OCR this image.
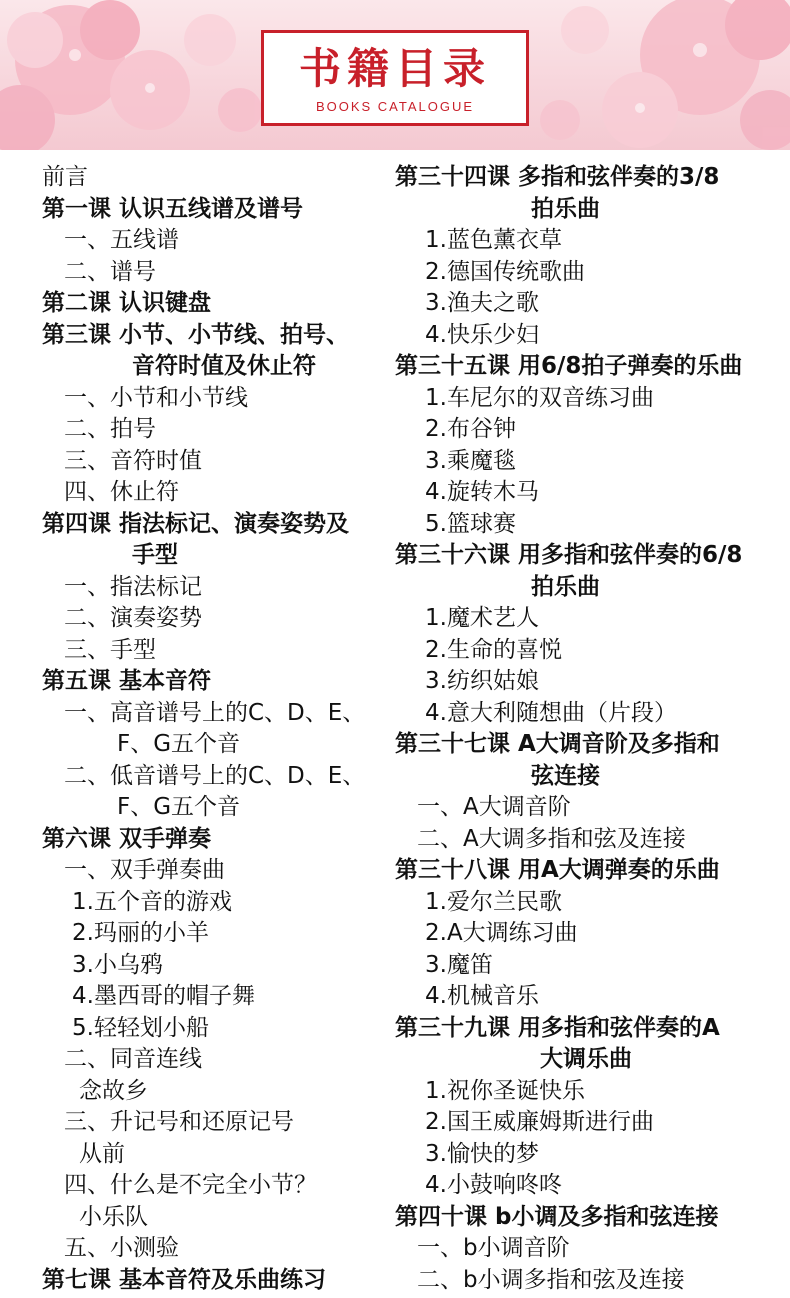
书籍目录
BOOKS CATALOGUE
前言
第一课 认识五线谱及谱号
一、五线谱
二、谱号
第二课 认识键盘
第三课 小节、小节线、拍号、
音符时值及休止符
一、小节和小节线
二、拍号
三、音符时值
四、休止符
第四课 指法标记、演奏姿势及
手型
一、指法标记
二、演奏姿势
三、手型
第五课 基本音符
一、高音谱号上的C、D、E、
F、G五个音
二、低音谱号上的C、D、E、
F、G五个音
第六课 双手弹奏
一、双手弹奏曲
1.五个音的游戏
2.玛丽的小羊
3.小乌鸦
4.墨西哥的帽子舞
5.轻轻划小船
二、同音连线
念故乡
三、升记号和还原记号
从前
四、什么是不完全小节？
小乐队
五、小测验
第七课 基本音符及乐曲练习
第三十四课 多指和弦伴奏的3/8
拍乐曲
1.蓝色薰衣草
2.德国传统歌曲
3.渔夫之歌
4.快乐少妇
第三十五课 用6/8拍子弹奏的乐曲
1.车尼尔的双音练习曲
2.布谷钟
3.乘魔毯
4.旋转木马
5.篮球赛
第三十六课 用多指和弦伴奏的6/8
拍乐曲
1.魔术艺人
2.生命的喜悦
3.纺织姑娘
4.意大利随想曲（片段）
第三十七课 A大调音阶及多指和
弦连接
一、A大调音阶
二、A大调多指和弦及连接
第三十八课 用A大调弹奏的乐曲
1.爱尔兰民歌
2.A大调练习曲
3.魔笛
4.机械音乐
第三十九课 用多指和弦伴奏的A
大调乐曲
1.祝你圣诞快乐
2.国王威廉姆斯进行曲
3.愉快的梦
4.小鼓响咚咚
第四十课 b小调及多指和弦连接
一、b小调音阶
二、b小调多指和弦及连接
